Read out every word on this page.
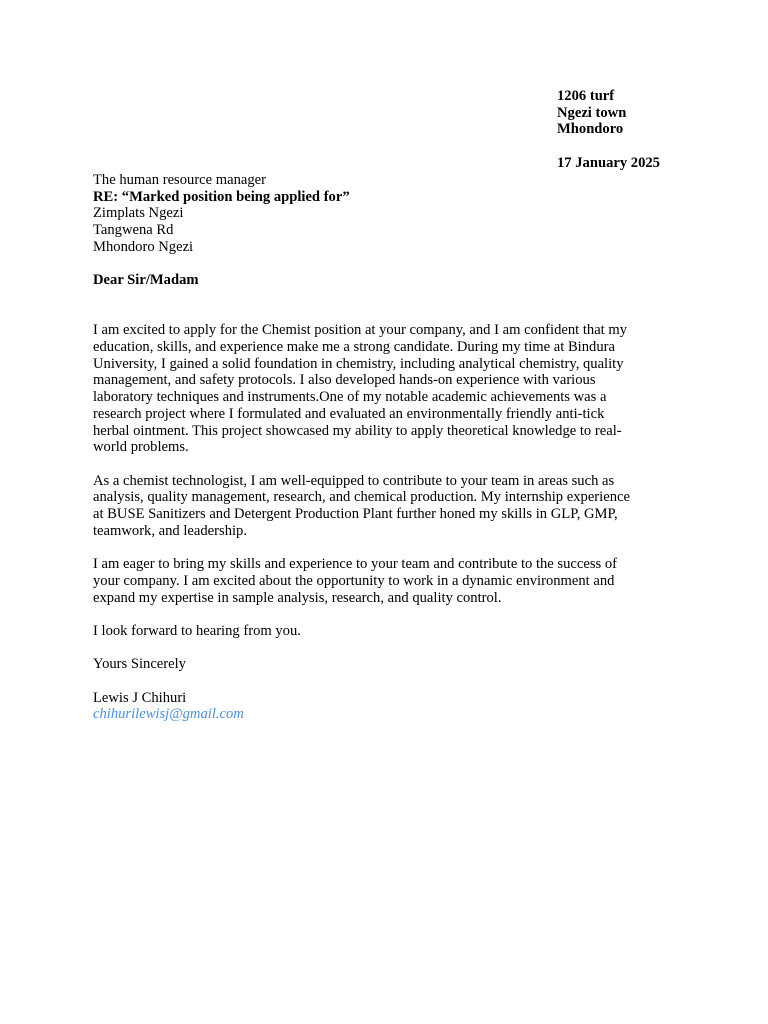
1206 turf
Ngezi town
Mhondoro
17 January 2025
The human resource manager
RE: “Marked position being applied for”
Zimplats Ngezi
Tangwena Rd
Mhondoro Ngezi
Dear Sir/Madam

I am excited to apply for the Chemist position at your company, and I am confident that my
education, skills, and experience make me a strong candidate. During my time at Bindura
University, I gained a solid foundation in chemistry, including analytical chemistry, quality
management, and safety protocols. I also developed hands-on experience with various
laboratory techniques and instruments.One of my notable academic achievements was a
research project where I formulated and evaluated an environmentally friendly anti-tick
herbal ointment. This project showcased my ability to apply theoretical knowledge to real-
world problems.

As a chemist technologist, I am well-equipped to contribute to your team in areas such as
analysis, quality management, research, and chemical production. My internship experience
at BUSE Sanitizers and Detergent Production Plant further honed my skills in GLP, GMP,
teamwork, and leadership.

I am eager to bring my skills and experience to your team and contribute to the success of
your company. I am excited about the opportunity to work in a dynamic environment and
expand my expertise in sample analysis, research, and quality control.

I look forward to hearing from you.

Yours Sincerely
Lewis J Chihuri
chihurilewisj@gmail.com
